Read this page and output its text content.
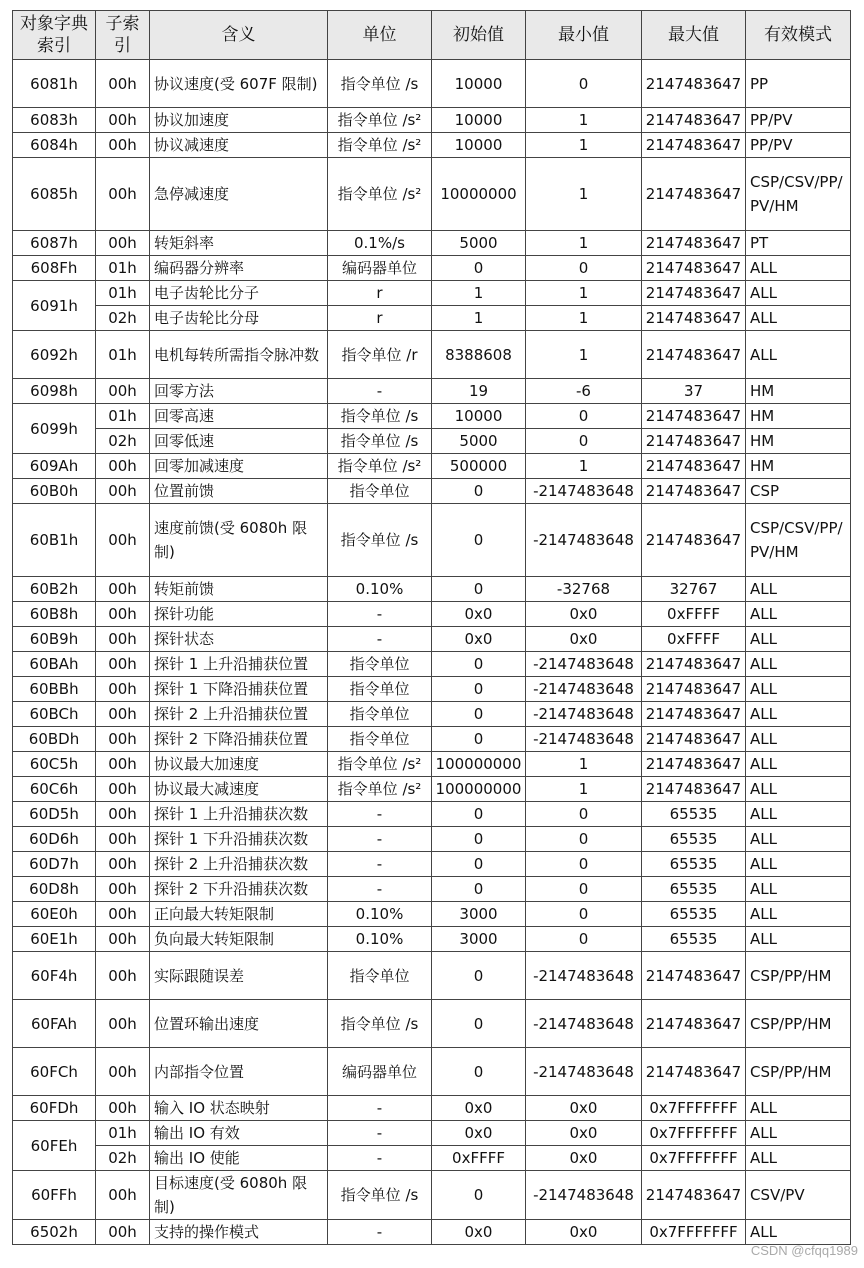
对象字典索引	子索引	含义	单位	初始值	最小值	最大值	有效模式
6081h	00h	协议速度(受 607F 限制)	指令单位 /s	10000	0	2147483647	PP
6083h	00h	协议加速度	指令单位 /s²	10000	1	2147483647	PP/PV
6084h	00h	协议减速度	指令单位 /s²	10000	1	2147483647	PP/PV
6085h	00h	急停减速度	指令单位 /s²	10000000	1	2147483647	CSP/CSV/PP/PV/HM
6087h	00h	转矩斜率	0.1%/s	5000	1	2147483647	PT
608Fh	01h	编码器分辨率	编码器单位	0	0	2147483647	ALL
6091h	01h	电子齿轮比分子	r	1	1	2147483647	ALL
	02h	电子齿轮比分母	r	1	1	2147483647	ALL
6092h	01h	电机每转所需指令脉冲数	指令单位 /r	8388608	1	2147483647	ALL
6098h	00h	回零方法	-	19	-6	37	HM
6099h	01h	回零高速	指令单位 /s	10000	0	2147483647	HM
	02h	回零低速	指令单位 /s	5000	0	2147483647	HM
609Ah	00h	回零加减速度	指令单位 /s²	500000	1	2147483647	HM
60B0h	00h	位置前馈	指令单位	0	-2147483648	2147483647	CSP
60B1h	00h	速度前馈(受 6080h 限制)	指令单位 /s	0	-2147483648	2147483647	CSP/CSV/PP/PV/HM
60B2h	00h	转矩前馈	0.10%	0	-32768	32767	ALL
60B8h	00h	探针功能	-	0x0	0x0	0xFFFF	ALL
60B9h	00h	探针状态	-	0x0	0x0	0xFFFF	ALL
60BAh	00h	探针 1 上升沿捕获位置	指令单位	0	-2147483648	2147483647	ALL
60BBh	00h	探针 1 下降沿捕获位置	指令单位	0	-2147483648	2147483647	ALL
60BCh	00h	探针 2 上升沿捕获位置	指令单位	0	-2147483648	2147483647	ALL
60BDh	00h	探针 2 下降沿捕获位置	指令单位	0	-2147483648	2147483647	ALL
60C5h	00h	协议最大加速度	指令单位 /s²	100000000	1	2147483647	ALL
60C6h	00h	协议最大减速度	指令单位 /s²	100000000	1	2147483647	ALL
60D5h	00h	探针 1 上升沿捕获次数	-	0	0	65535	ALL
60D6h	00h	探针 1 下升沿捕获次数	-	0	0	65535	ALL
60D7h	00h	探针 2 上升沿捕获次数	-	0	0	65535	ALL
60D8h	00h	探针 2 下升沿捕获次数	-	0	0	65535	ALL
60E0h	00h	正向最大转矩限制	0.10%	3000	0	65535	ALL
60E1h	00h	负向最大转矩限制	0.10%	3000	0	65535	ALL
60F4h	00h	实际跟随误差	指令单位	0	-2147483648	2147483647	CSP/PP/HM
60FAh	00h	位置环输出速度	指令单位 /s	0	-2147483648	2147483647	CSP/PP/HM
60FCh	00h	内部指令位置	编码器单位	0	-2147483648	2147483647	CSP/PP/HM
60FDh	00h	输入 IO 状态映射	-	0x0	0x0	0x7FFFFFFF	ALL
60FEh	01h	输出 IO 有效	-	0x0	0x0	0x7FFFFFFF	ALL
	02h	输出 IO 使能	-	0xFFFF	0x0	0x7FFFFFFF	ALL
60FFh	00h	目标速度(受 6080h 限制)	指令单位 /s	0	-2147483648	2147483647	CSV/PV
6502h	00h	支持的操作模式	-	0x0	0x0	0x7FFFFFFF	ALL
CSDN @cfqq1989
